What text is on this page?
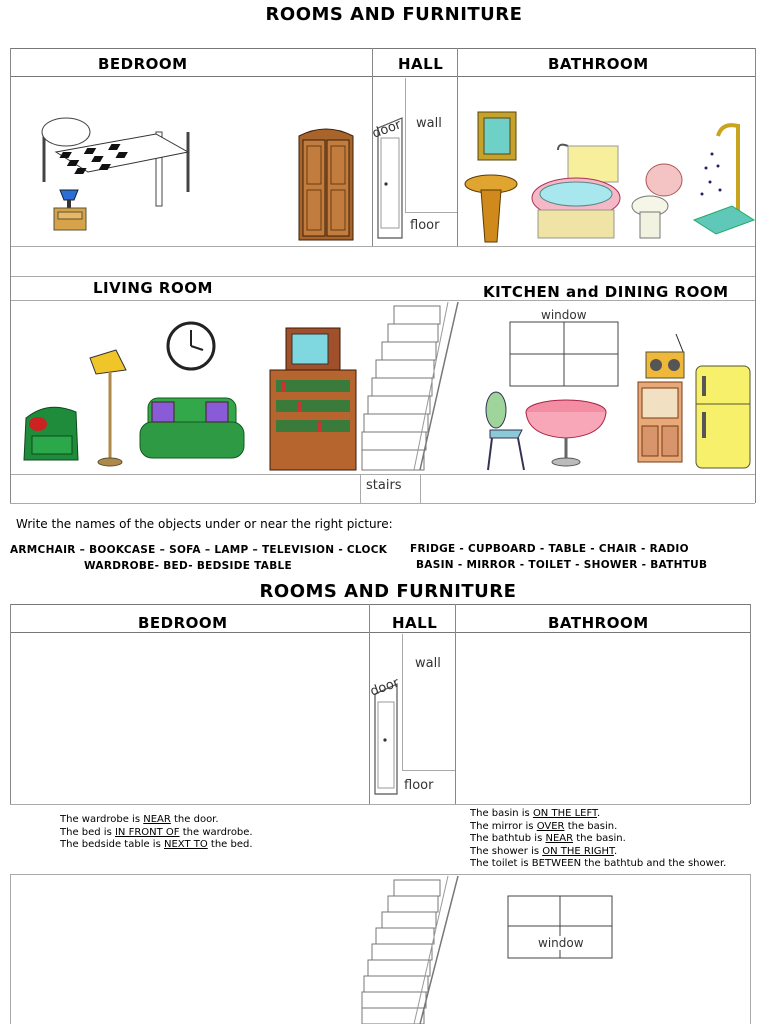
ROOMS AND FURNITURE
BEDROOM	HALL	BATHROOM
LIVING ROOM	KITCHEN and DINING ROOM
door wall
floor
stairs
window
Write the names of the objects under or near the right picture:
ARMCHAIR – BOOKCASE – SOFA – LAMP – TELEVISION - CLOCK
WARDROBE- BED- BEDSIDE TABLE
FRIDGE - CUPBOARD - TABLE - CHAIR - RADIO
BASIN - MIRROR - TOILET - SHOWER - BATHTUB
ROOMS AND FURNITURE
BEDROOM	HALL	BATHROOM
door
wall
floor
The wardrobe is NEAR the door.
The bed is IN FRONT OF the wardrobe.
The bedside table is NEXT TO the bed.
The basin is ON THE LEFT.
The mirror is OVER the basin.
The bathtub is NEAR the basin.
The shower is ON THE RIGHT.
The toilet is BETWEEN the bathtub and the shower.
window
